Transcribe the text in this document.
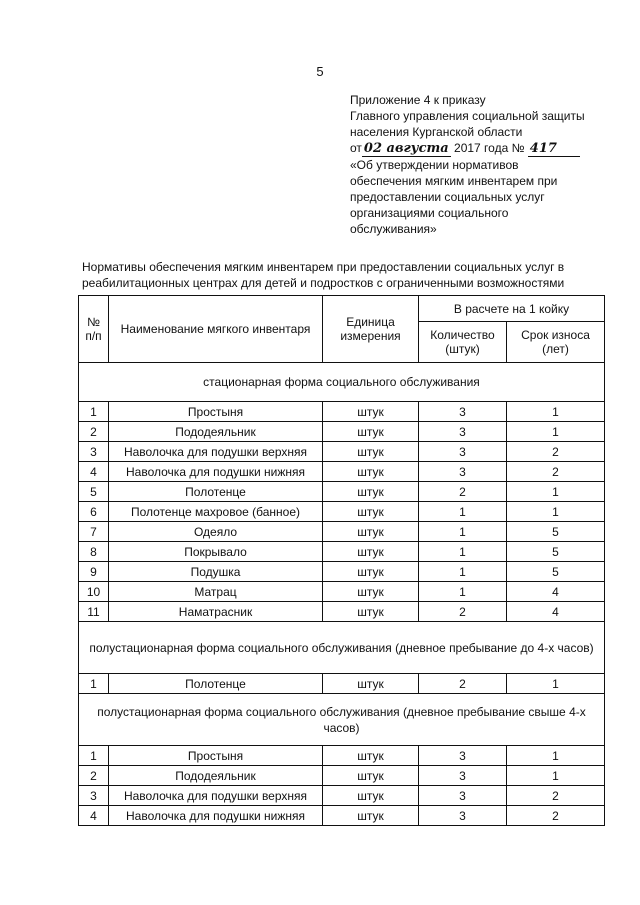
5
Приложение 4 к приказу
Главного управления социальной защиты
населения Курганской области
от 02 августа 2017 года № 417
«Об утверждении нормативов
обеспечения мягким инвентарем при
предоставлении социальных услуг
организациями социального
обслуживания»
Нормативы обеспечения мягким инвентарем при предоставлении социальных услуг в
реабилитационных центрах для детей и подростков с ограниченными возможностями
№ п/п	Наименование мягкого инвентаря	Единица измерения	В расчете на 1 койку	
			Количество (штук)	Срок износа (лет)
стационарная форма социального обслуживания				
1	Простыня	штук	3	1
2	Пододеяльник	штук	3	1
3	Наволочка для подушки верхняя	штук	3	2
4	Наволочка для подушки нижняя	штук	3	2
5	Полотенце	штук	2	1
6	Полотенце махровое (банное)	штук	1	1
7	Одеяло	штук	1	5
8	Покрывало	штук	1	5
9	Подушка	штук	1	5
10	Матрац	штук	1	4
11	Наматрасник	штук	2	4
полустационарная форма социального обслуживания (дневное пребывание до 4-х часов)				
1	Полотенце	штук	2	1
полустационарная форма социального обслуживания (дневное пребывание свыше 4-х часов)				
1	Простыня	штук	3	1
2	Пододеяльник	штук	3	1
3	Наволочка для подушки верхняя	штук	3	2
4	Наволочка для подушки нижняя	штук	3	2
